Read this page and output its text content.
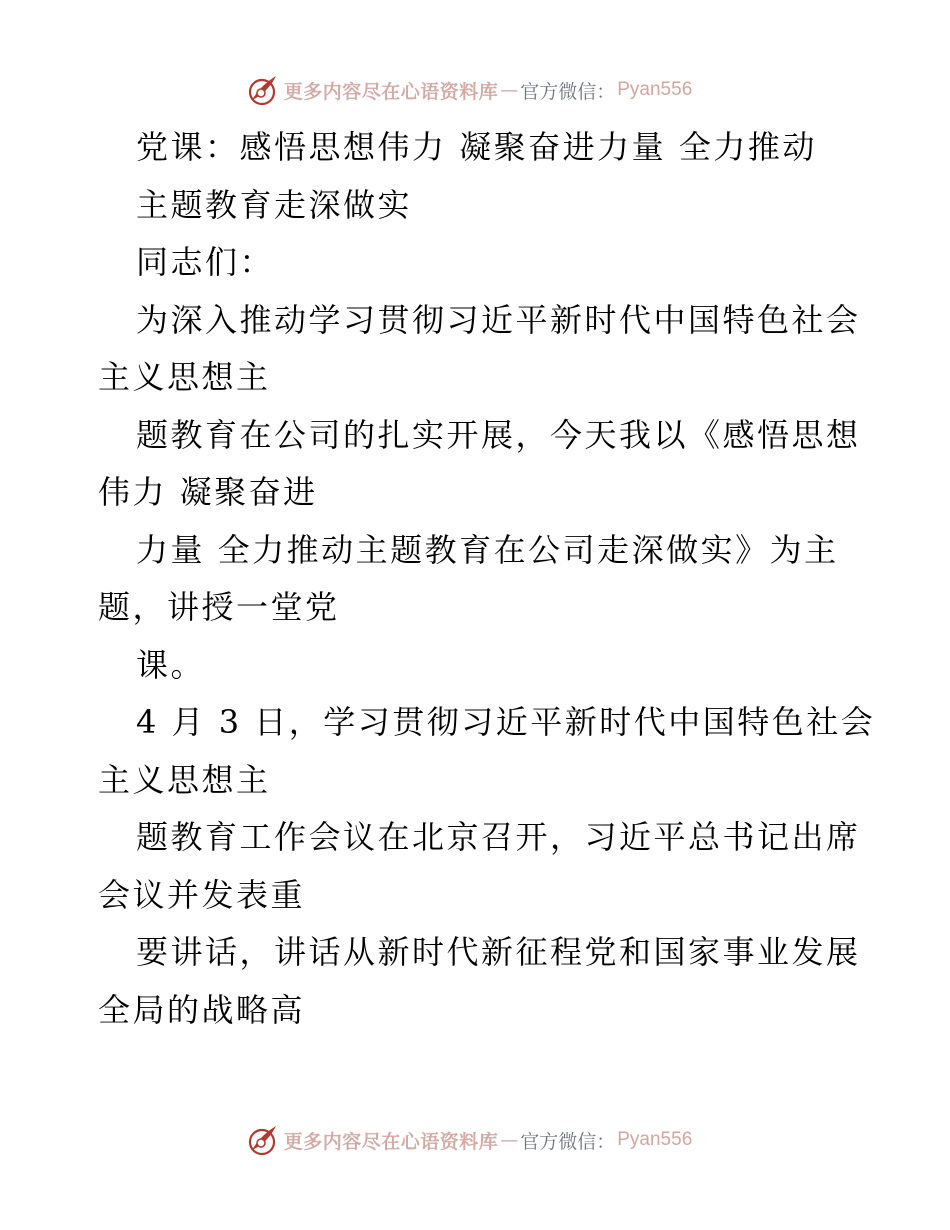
更多内容尽在心语资料库 — 官方微信： Pyan556
党课：感悟思想伟力 凝聚奋进力量 全力推动
主题教育走深做实
同志们：
为深入推动学习贯彻习近平新时代中国特色社会
主义思想主
题教育在公司的扎实开展，今天我以《感悟思想
伟力 凝聚奋进
力量 全力推动主题教育在公司走深做实》为主
题，讲授一堂党
课。
4 月 3 日，学习贯彻习近平新时代中国特色社会
主义思想主
题教育工作会议在北京召开，习近平总书记出席
会议并发表重
要讲话，讲话从新时代新征程党和国家事业发展
全局的战略高
更多内容尽在心语资料库 — 官方微信： Pyan556
